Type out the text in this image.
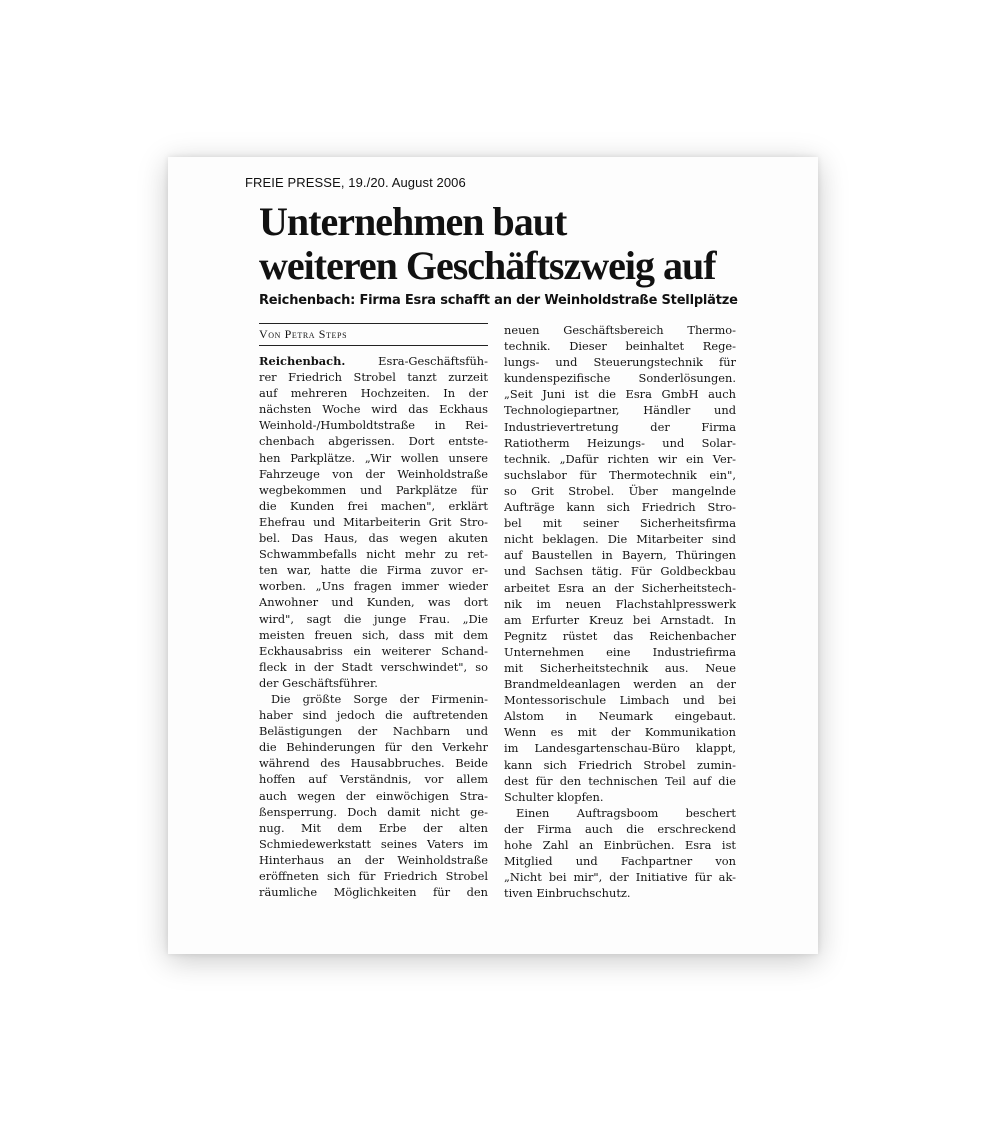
FREIE PRESSE, 19./20. August 2006
Unternehmen baut
weiteren Geschäftszweig auf
Reichenbach: Firma Esra schafft an der Weinholdstraße Stellplätze
Von Petra Steps
Reichenbach.	Esra-Geschäftsfüh-
rer Friedrich Strobel tanzt zurzeit
auf mehreren Hochzeiten. In der
nächsten Woche wird das Eckhaus
Weinhold-/Humboldtstraße in Rei-
chenbach abgerissen. Dort entste-
hen Parkplätze. „Wir wollen unsere
Fahrzeuge von der Weinholdstraße
wegbekommen und Parkplätze für
die Kunden frei machen", erklärt
Ehefrau und Mitarbeiterin Grit Stro-
bel. Das Haus, das wegen akuten
Schwammbefalls nicht mehr zu ret-
ten war, hatte die Firma zuvor er-
worben. „Uns fragen immer wieder
Anwohner und Kunden, was dort
wird", sagt die junge Frau. „Die
meisten freuen sich, dass mit dem
Eckhausabriss ein weiterer Schand-
fleck in der Stadt verschwindet", so
der Geschäftsführer.
Die größte Sorge der Firmenin-
haber sind jedoch die auftretenden
Belästigungen der Nachbarn und
die Behinderungen für den Verkehr
während des Hausabbruches. Beide
hoffen auf Verständnis, vor allem
auch wegen der einwöchigen Stra-
ßensperrung. Doch damit nicht ge-
nug. Mit dem Erbe der alten
Schmiedewerkstatt seines Vaters im
Hinterhaus an der Weinholdstraße
eröffneten sich für Friedrich Strobel
räumliche Möglichkeiten für den
neuen Geschäftsbereich Thermo-
technik. Dieser beinhaltet Rege-
lungs- und Steuerungstechnik für
kundenspezifische Sonderlösungen.
„Seit Juni ist die Esra GmbH auch
Technologiepartner, Händler und
Industrievertretung der Firma
Ratiotherm Heizungs- und Solar-
technik. „Dafür richten wir ein Ver-
suchslabor für Thermotechnik ein",
so Grit Strobel. Über mangelnde
Aufträge kann sich Friedrich Stro-
bel mit seiner Sicherheitsfirma
nicht beklagen. Die Mitarbeiter sind
auf Baustellen in Bayern, Thüringen
und Sachsen tätig. Für Goldbeckbau
arbeitet Esra an der Sicherheitstech-
nik im neuen Flachstahlpresswerk
am Erfurter Kreuz bei Arnstadt. In
Pegnitz rüstet das Reichenbacher
Unternehmen eine Industriefirma
mit Sicherheitstechnik aus. Neue
Brandmeldeanlagen werden an der
Montessorischule Limbach und bei
Alstom in Neumark eingebaut.
Wenn es mit der Kommunikation
im Landesgartenschau-Büro klappt,
kann sich Friedrich Strobel zumin-
dest für den technischen Teil auf die
Schulter klopfen.
Einen Auftragsboom beschert
der Firma auch die erschreckend
hohe Zahl an Einbrüchen. Esra ist
Mitglied und Fachpartner von
„Nicht bei mir", der Initiative für ak-
tiven Einbruchschutz.
